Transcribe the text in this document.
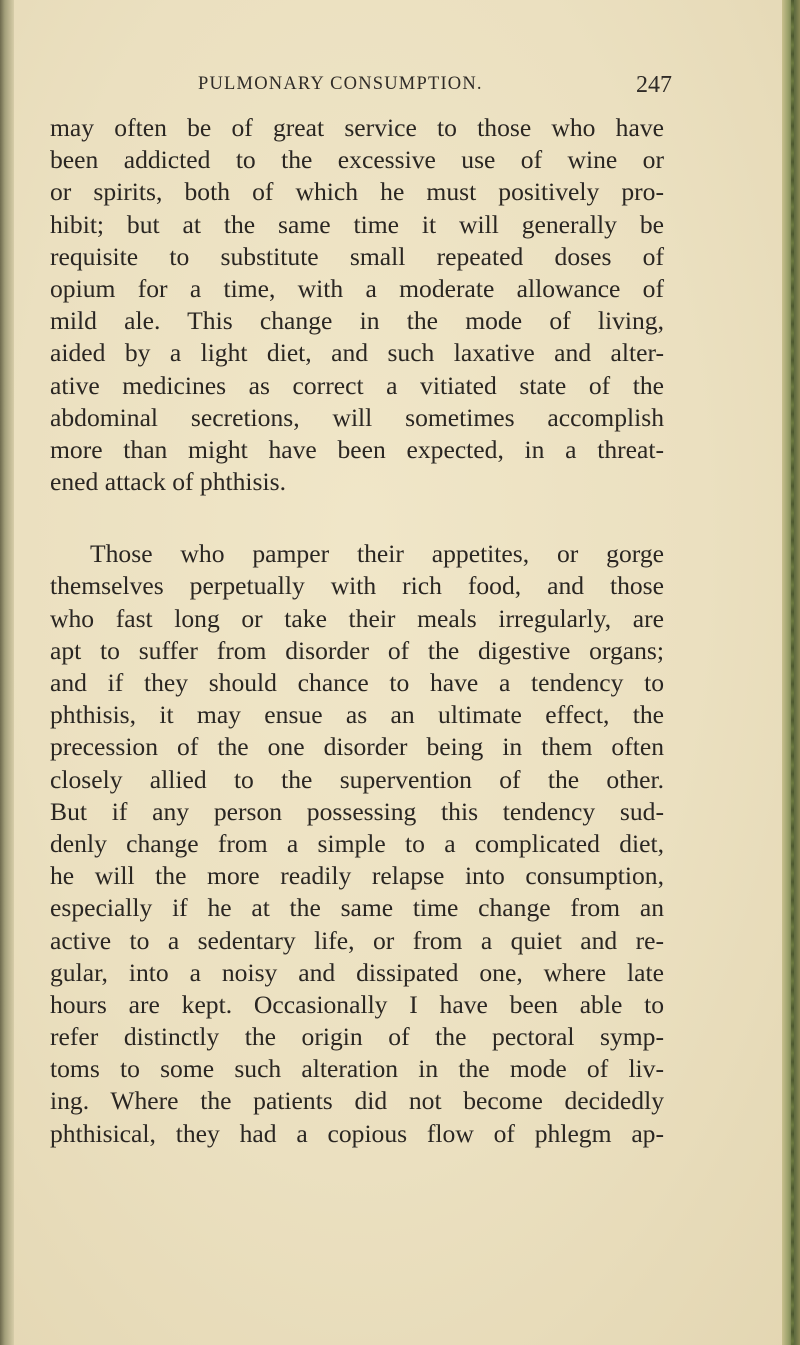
PULMONARY CONSUMPTION.	247
may often be of great service to those who have
been addicted to the excessive use of wine or
or spirits, both of which he must positively pro-
hibit; but at the same time it will generally be
requisite to substitute small repeated doses of
opium for a time, with a moderate allowance of
mild ale. This change in the mode of living,
aided by a light diet, and such laxative and alter-
ative medicines as correct a vitiated state of the
abdominal secretions, will sometimes accomplish
more than might have been expected, in a threat-
ened attack of phthisis.
Those who pamper their appetites, or gorge
themselves perpetually with rich food, and those
who fast long or take their meals irregularly, are
apt to suffer from disorder of the digestive organs;
and if they should chance to have a tendency to
phthisis, it may ensue as an ultimate effect, the
precession of the one disorder being in them often
closely allied to the supervention of the other.
But if any person possessing this tendency sud-
denly change from a simple to a complicated diet,
he will the more readily relapse into consumption,
especially if he at the same time change from an
active to a sedentary life, or from a quiet and re-
gular, into a noisy and dissipated one, where late
hours are kept. Occasionally I have been able to
refer distinctly the origin of the pectoral symp-
toms to some such alteration in the mode of liv-
ing. Where the patients did not become decidedly
phthisical, they had a copious flow of phlegm ap-
